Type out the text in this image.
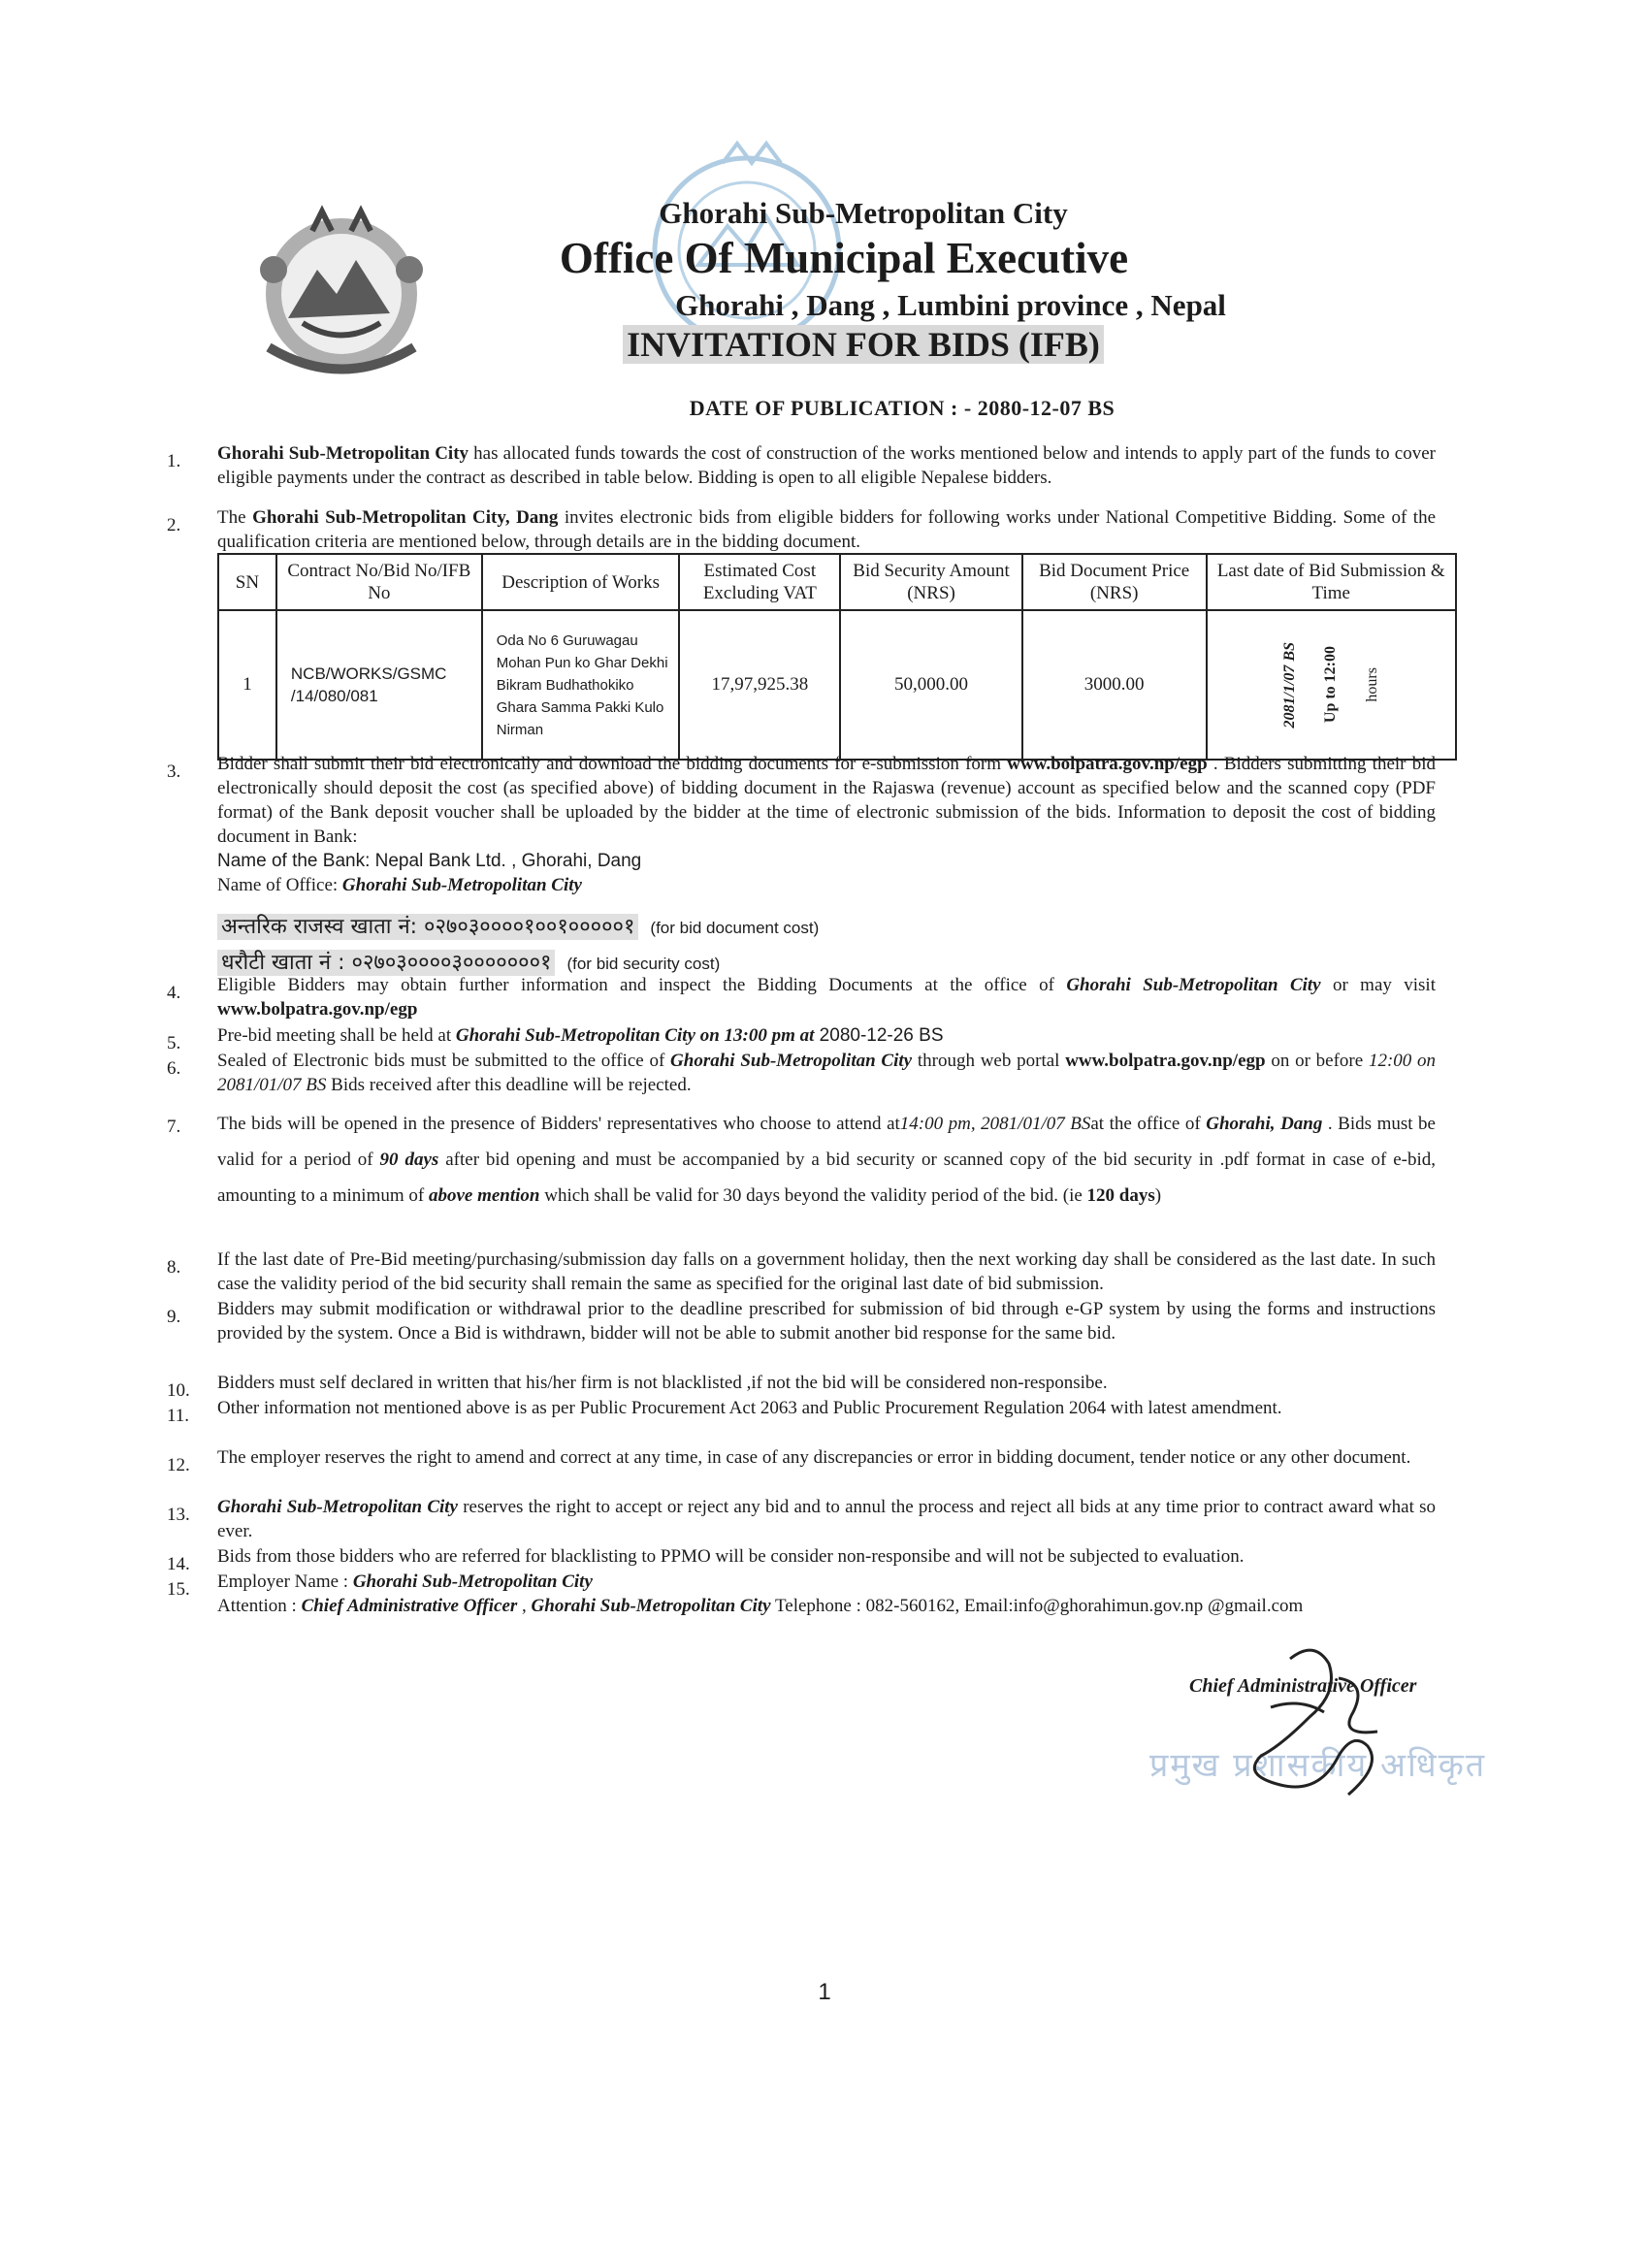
Ghorahi Sub-Metropolitan City
Office Of Municipal Executive
Ghorahi , Dang , Lumbini province , Nepal
INVITATION FOR BIDS (IFB)
DATE OF PUBLICATION : - 2080-12-07 BS
1.	Ghorahi Sub-Metropolitan City has allocated funds towards the cost of construction of the works mentioned below and intends to apply part of the funds to cover eligible payments under the contract as described in table below. Bidding is open to all eligible Nepalese bidders.
2.	The Ghorahi Sub-Metropolitan City, Dang invites electronic bids from eligible bidders for following works under National Competitive Bidding. Some of the qualification criteria are mentioned below, through details are in the bidding document.
SN	Contract No/Bid No/IFB No	Description of Works	Estimated Cost Excluding VAT	Bid Security Amount (NRS)	Bid Document Price (NRS)	Last date of Bid Submission & Time
1	NCB/WORKS/GSMC /14/080/081	Oda No 6 Guruwagau Mohan Pun ko Ghar Dekhi Bikram Budhathokiko Ghara Samma Pakki Kulo Nirman	17,97,925.38	50,000.00	3000.00	2081/1/07 BS Up to 12:00 hours
3.	Bidder shall submit their bid electronically and download the bidding documents for e-submission form www.bolpatra.gov.np/egp . Bidders submitting their bid electronically should deposit the cost (as specified above) of bidding document in the Rajaswa (revenue) account as specified below and the scanned copy (PDF format) of the Bank deposit voucher shall be uploaded by the bidder at the time of electronic submission of the bids. Information to deposit the cost of bidding document in Bank:
Name of the Bank: Nepal Bank Ltd. , Ghorahi, Dang
Name of Office: Ghorahi Sub-Metropolitan City
अन्तरिक राजस्व खाता नं: ०२७०३००००१००१०००००१ (for bid document cost)
धरौटी खाता नं : ०२७०३००००३०००००००१ (for bid security cost)
4.	Eligible Bidders may obtain further information and inspect the Bidding Documents at the office of Ghorahi Sub-Metropolitan City or may visit www.bolpatra.gov.np/egp
5.	Pre-bid meeting shall be held at Ghorahi Sub-Metropolitan City on 13:00 pm at 2080-12-26 BS
6.	Sealed of Electronic bids must be submitted to the office of Ghorahi Sub-Metropolitan City through web portal www.bolpatra.gov.np/egp on or before 12:00 on 2081/01/07 BS Bids received after this deadline will be rejected.
7.	The bids will be opened in the presence of Bidders' representatives who choose to attend at14:00 pm, 2081/01/07 BSat the office of Ghorahi, Dang . Bids must be valid for a period of 90 days after bid opening and must be accompanied by a bid security or scanned copy of the bid security in .pdf format in case of e-bid, amounting to a minimum of above mention which shall be valid for 30 days beyond the validity period of the bid. (ie 120 days)
8.	If the last date of Pre-Bid meeting/purchasing/submission day falls on a government holiday, then the next working day shall be considered as the last date. In such case the validity period of the bid security shall remain the same as specified for the original last date of bid submission.
9.	Bidders may submit modification or withdrawal prior to the deadline prescribed for submission of bid through e-GP system by using the forms and instructions provided by the system. Once a Bid is withdrawn, bidder will not be able to submit another bid response for the same bid.
10.	Bidders must self declared in written that his/her firm is not blacklisted ,if not the bid will be considered non-responsibe.
11.	Other information not mentioned above is as per Public Procurement Act 2063 and Public Procurement Regulation 2064 with latest amendment.
12.	The employer reserves the right to amend and correct at any time, in case of any discrepancies or error in bidding document, tender notice or any other document.
13.	Ghorahi Sub-Metropolitan City reserves the right to accept or reject any bid and to annul the process and reject all bids at any time prior to contract award what so ever.
14.	Bids from those bidders who are referred for blacklisting to PPMO will be consider non-responsibe and will not be subjected to evaluation.
15.	Employer Name : Ghorahi Sub-Metropolitan City
Attention : Chief Administrative Officer , Ghorahi Sub-Metropolitan City Telephone : 082-560162, Email:info@ghorahimun.gov.np @gmail.com
प्रमुख प्रशासकीय अधिकृत
Chief Administrative Officer
1
